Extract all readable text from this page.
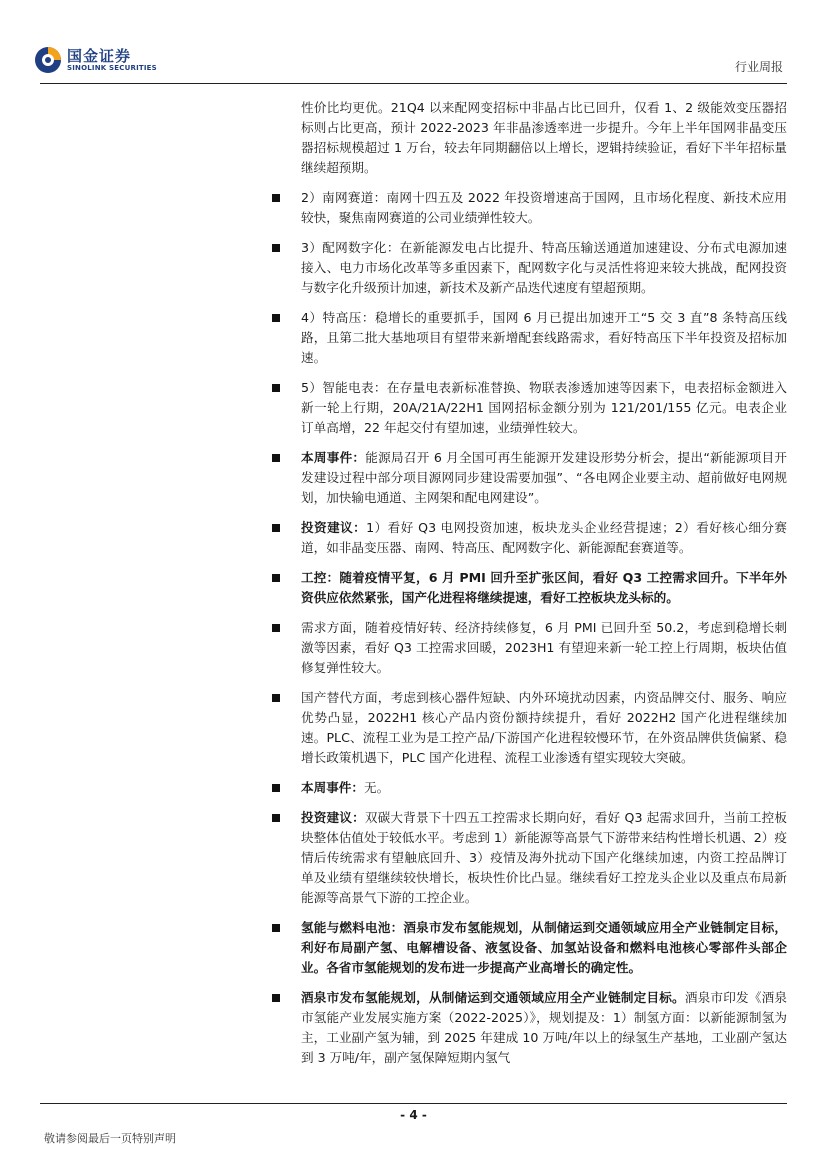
国金证券
SINOLINK SECURITIES	行业周报
性价比均更优。21Q4 以来配网变招标中非晶占比已回升，仅看 1、2 级能效变压器招标则占比更高，预计 2022-2023 年非晶渗透率进一步提升。今年上半年国网非晶变压器招标规模超过 1 万台，较去年同期翻倍以上增长，逻辑持续验证，看好下半年招标量继续超预期。
2）南网赛道：南网十四五及 2022 年投资增速高于国网，且市场化程度、新技术应用较快，聚焦南网赛道的公司业绩弹性较大。
3）配网数字化：在新能源发电占比提升、特高压输送通道加速建设、分布式电源加速接入、电力市场化改革等多重因素下，配网数字化与灵活性将迎来较大挑战，配网投资与数字化升级预计加速，新技术及新产品迭代速度有望超预期。
4）特高压：稳增长的重要抓手，国网 6 月已提出加速开工“5 交 3 直”8 条特高压线路，且第二批大基地项目有望带来新增配套线路需求，看好特高压下半年投资及招标加速。
5）智能电表：在存量电表新标准替换、物联表渗透加速等因素下，电表招标金额进入新一轮上行期，20A/21A/22H1 国网招标金额分别为 121/201/155 亿元。电表企业订单高增，22 年起交付有望加速，业绩弹性较大。
本周事件：能源局召开 6 月全国可再生能源开发建设形势分析会，提出“新能源项目开发建设过程中部分项目源网同步建设需要加强”、“各电网企业要主动、超前做好电网规划，加快输电通道、主网架和配电网建设”。
投资建议：1）看好 Q3 电网投资加速，板块龙头企业经营提速；2）看好核心细分赛道，如非晶变压器、南网、特高压、配网数字化、新能源配套赛道等。
工控：随着疫情平复，6 月 PMI 回升至扩张区间，看好 Q3 工控需求回升。下半年外资供应依然紧张，国产化进程将继续提速，看好工控板块龙头标的。
需求方面，随着疫情好转、经济持续修复，6 月 PMI 已回升至 50.2，考虑到稳增长刺激等因素，看好 Q3 工控需求回暖，2023H1 有望迎来新一轮工控上行周期，板块估值修复弹性较大。
国产替代方面，考虑到核心器件短缺、内外环境扰动因素，内资品牌交付、服务、响应优势凸显，2022H1 核心产品内资份额持续提升，看好 2022H2 国产化进程继续加速。PLC、流程工业为是工控产品/下游国产化进程较慢环节，在外资品牌供货偏紧、稳增长政策机遇下，PLC 国产化进程、流程工业渗透有望实现较大突破。
本周事件：无。
投资建议：双碳大背景下十四五工控需求长期向好，看好 Q3 起需求回升，当前工控板块整体估值处于较低水平。考虑到 1）新能源等高景气下游带来结构性增长机遇、2）疫情后传统需求有望触底回升、3）疫情及海外扰动下国产化继续加速，内资工控品牌订单及业绩有望继续较快增长，板块性价比凸显。继续看好工控龙头企业以及重点布局新能源等高景气下游的工控企业。
氢能与燃料电池：酒泉市发布氢能规划，从制储运到交通领域应用全产业链制定目标，利好布局副产氢、电解槽设备、液氢设备、加氢站设备和燃料电池核心零部件头部企业。各省市氢能规划的发布进一步提高产业高增长的确定性。
酒泉市发布氢能规划，从制储运到交通领域应用全产业链制定目标。酒泉市印发《酒泉市氢能产业发展实施方案（2022-2025）》，规划提及：1）制氢方面：以新能源制氢为主，工业副产氢为辅，到 2025 年建成 10 万吨/年以上的绿氢生产基地，工业副产氢达到 3 万吨/年，副产氢保障短期内氢气
- 4 -
敬请参阅最后一页特别声明
